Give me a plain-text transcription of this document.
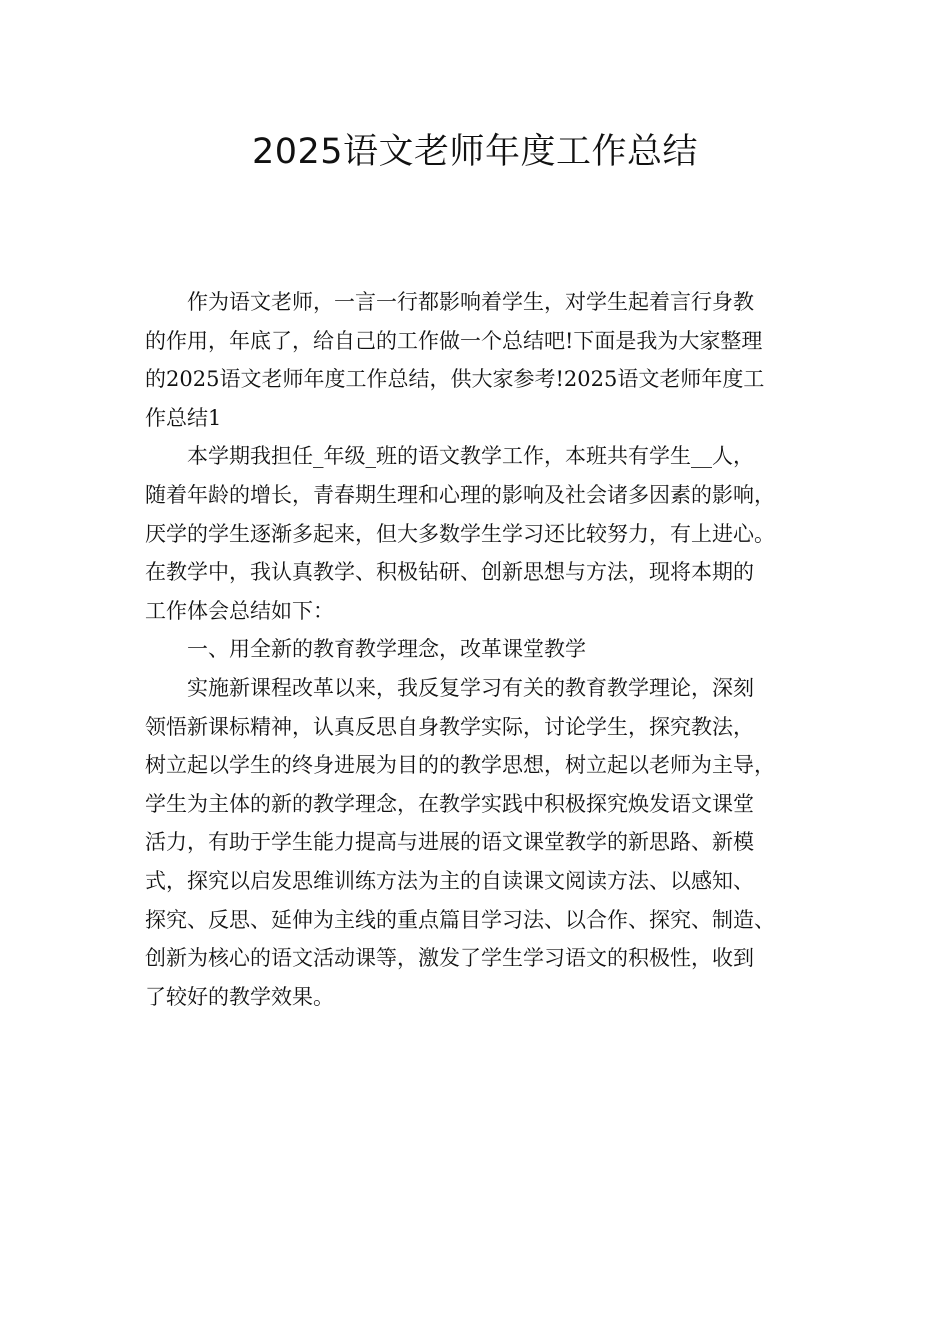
2025语文老师年度工作总结

作为语文老师，一言一行都影响着学生，对学生起着言行身教
的作用，年底了，给自己的工作做一个总结吧!下面是我为大家整理
的2025语文老师年度工作总结，供大家参考!2025语文老师年度工
作总结1

本学期我担任_年级_班的语文教学工作，本班共有学生__人，
随着年龄的增长，青春期生理和心理的影响及社会诸多因素的影响，
厌学的学生逐渐多起来，但大多数学生学习还比较努力，有上进心。
在教学中，我认真教学、积极钻研、创新思想与方法，现将本期的
工作体会总结如下：

一、用全新的教育教学理念，改革课堂教学

实施新课程改革以来，我反复学习有关的教育教学理论，深刻
领悟新课标精神，认真反思自身教学实际，讨论学生，探究教法，
树立起以学生的终身进展为目的的教学思想，树立起以老师为主导，
学生为主体的新的教学理念，在教学实践中积极探究焕发语文课堂
活力，有助于学生能力提高与进展的语文课堂教学的新思路、新模
式，探究以启发思维训练方法为主的自读课文阅读方法、以感知、
探究、反思、延伸为主线的重点篇目学习法、以合作、探究、制造、
创新为核心的语文活动课等，激发了学生学习语文的积极性，收到
了较好的教学效果。
